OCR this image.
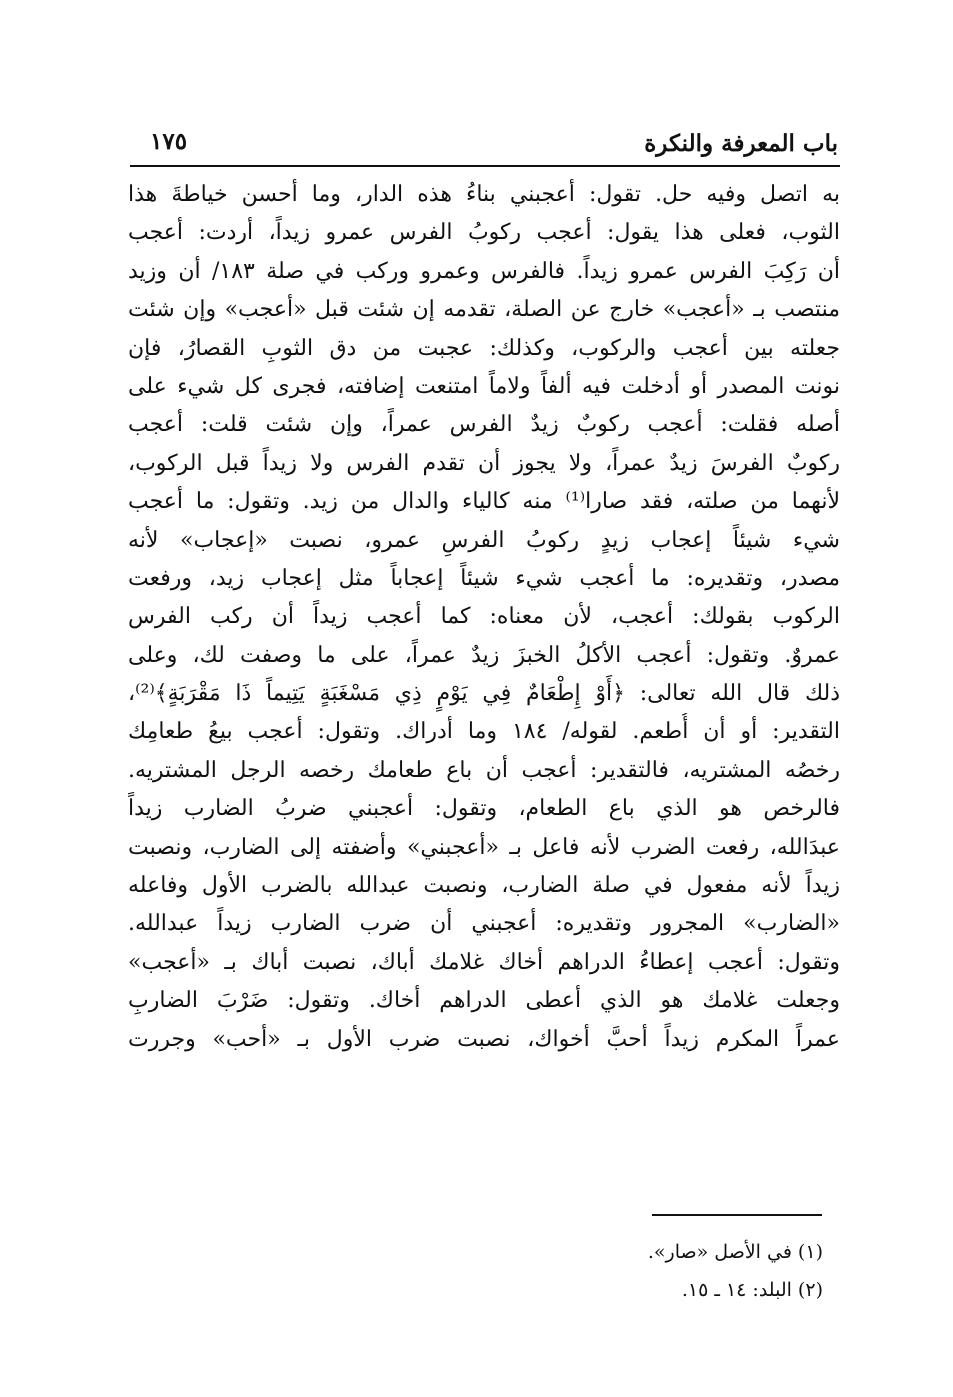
باب المعرفة والنكرة
١٧٥
به اتصل وفيه حل. تقول: أعجبني بناءُ هذه الدار، وما أحسن خياطةَ هذا
الثوب، فعلى هذا يقول: أعجب ركوبُ الفرس عمرو زيداً، أردت: أعجب
أن رَكِبَ الفرس عمرو زيداً. فالفرس وعمرو وركب في صلة ١٨٣/ أن وزيد
منتصب بـ «أعجب» خارج عن الصلة، تقدمه إن شئت قبل «أعجب» وإن شئت
جعلته بين أعجب والركوب، وكذلك: عجبت من دق الثوبِ القصارُ، فإن
نونت المصدر أو أدخلت فيه ألفاً ولاماً امتنعت إضافته، فجرى كل شيء على
أصله فقلت: أعجب ركوبٌ زيدٌ الفرس عمراً، وإن شئت قلت: أعجب
ركوبٌ الفرسَ زيدٌ عمراً، ولا يجوز أن تقدم الفرس ولا زيداً قبل الركوب،
لأنهما من صلته، فقد صارا⁽¹⁾ منه كالياء والدال من زيد. وتقول: ما أعجب
شيء شيئاً إعجاب زيدٍ ركوبُ الفرسِ عمرو، نصبت «إعجاب» لأنه
مصدر، وتقديره: ما أعجب شيء شيئاً إعجاباً مثل إعجاب زيد، ورفعت
الركوب بقولك: أعجب، لأن معناه: كما أعجب زيداً أن ركب الفرس
عمروٌ. وتقول: أعجب الأكلُ الخبزَ زيدٌ عمراً، على ما وصفت لك، وعلى
ذلك قال الله تعالى: ﴿أَوْ إِطْعَامٌ فِي يَوْمٍ ذِي مَسْغَبَةٍ يَتِيماً ذَا مَقْرَبَةٍ﴾⁽²⁾،
التقدير: أو أن أُطعم. لقوله/ ١٨٤ وما أدراك. وتقول: أعجب بيعُ طعامِك
رخصُه المشتريه، فالتقدير: أعجب أن باع طعامك رخصه الرجل المشتريه.
فالرخص هو الذي باع الطعام، وتقول: أعجبني ضربُ الضارب زيداً
عبدَالله، رفعت الضرب لأنه فاعل بـ «أعجبني» وأضفته إلى الضارب، ونصبت
زيداً لأنه مفعول في صلة الضارب، ونصبت عبدالله بالضرب الأول وفاعله
«الضارب» المجرور وتقديره: أعجبني أن ضرب الضارب زيداً عبدالله.
وتقول: أعجب إعطاءُ الدراهم أخاك غلامك أباك، نصبت أباك بـ «أعجب»
وجعلت غلامك هو الذي أعطى الدراهم أخاك. وتقول: ضَرْبَ الضاربِ
عمراً المكرم زيداً أحبَّ أخواك، نصبت ضرب الأول بـ «أحب» وجررت
(١) في الأصل «صار».
(٢) البلد: ١٤ ـ ١٥.
